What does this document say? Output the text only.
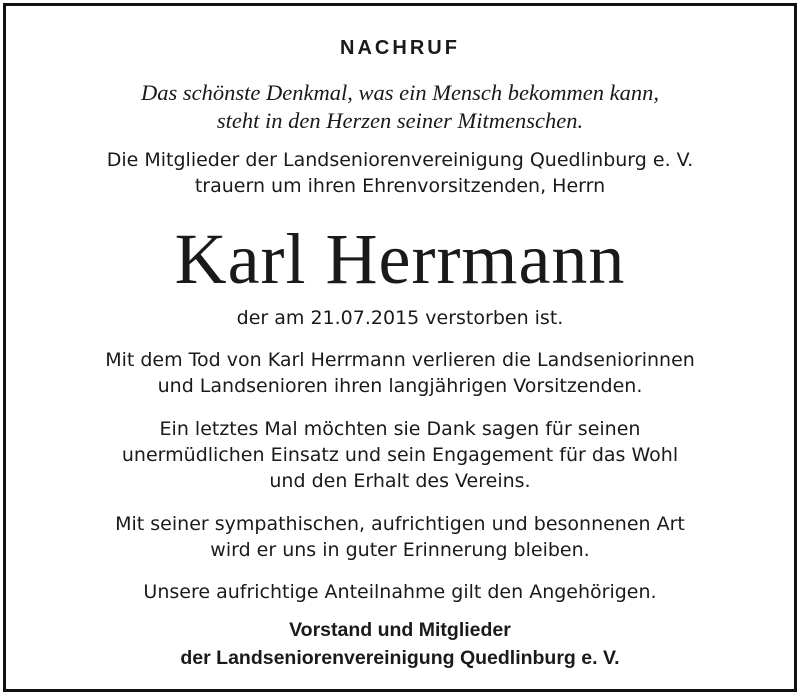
NACHRUF
Das schönste Denkmal, was ein Mensch bekommen kann,
steht in den Herzen seiner Mitmenschen.
Die Mitglieder der Landseniorenvereinigung Quedlinburg e. V.
trauern um ihren Ehrenvorsitzenden, Herrn
Karl Herrmann
der am 21.07.2015 verstorben ist.
Mit dem Tod von Karl Herrmann verlieren die Landseniorinnen
und Landsenioren ihren langjährigen Vorsitzenden.
Ein letztes Mal möchten sie Dank sagen für seinen
unermüdlichen Einsatz und sein Engagement für das Wohl
und den Erhalt des Vereins.
Mit seiner sympathischen, aufrichtigen und besonnenen Art
wird er uns in guter Erinnerung bleiben.
Unsere aufrichtige Anteilnahme gilt den Angehörigen.
Vorstand und Mitglieder
der Landseniorenvereinigung Quedlinburg e. V.
